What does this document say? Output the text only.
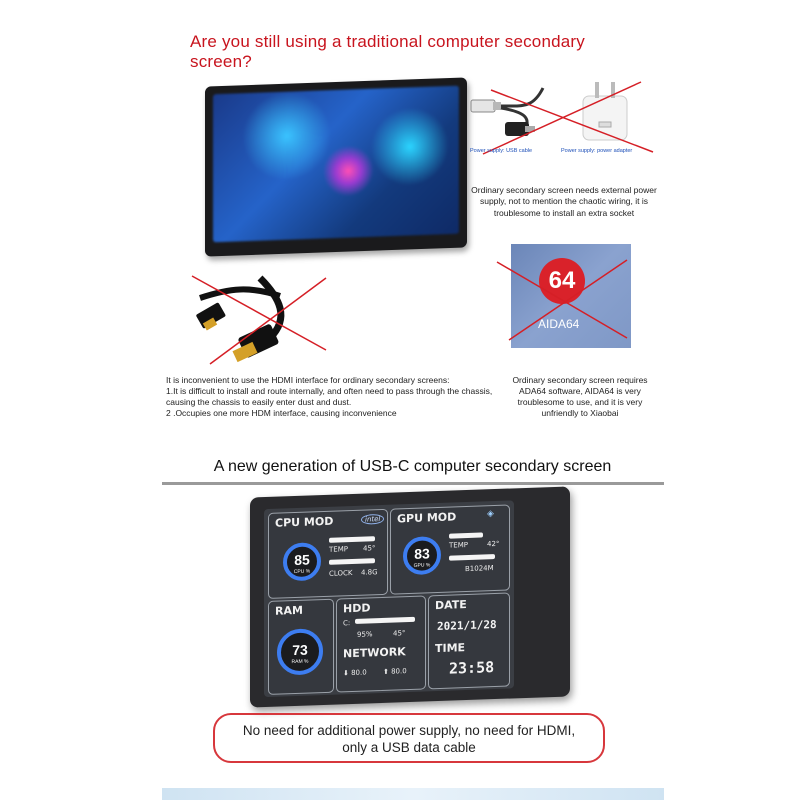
Are you still using a traditional computer secondary screen?
Power supply: USB cable	Power supply: power adapter
Ordinary secondary screen needs external power supply, not to mention the chaotic wiring, it is troublesome to install an extra socket
64
AIDA64
It is inconvenient to use the HDMI interface for ordinary secondary screens:
1.It is difficult to install and route internally, and often need to pass through the chassis, causing the chassis to easily enter dust and dust.
2 .Occupies one more HDM interface, causing inconvenience
Ordinary secondary screen requires ADA64 software, AIDA64 is very troublesome to use, and it is very unfriendly to Xiaobai
A new generation of USB-C computer secondary screen
CPU MOD	intel
85
CPU %
TEMP 45°
CLOCK 4.8G
GPU MOD	◈
83
GPU %
TEMP	42°
B1024M
RAM
73
RAM %
HDD
C:
95%	45°
NETWORK
⬇ 80.0 ⬆ 80.0
DATE
2021/1/28
TIME
23:58
No need for additional power supply, no need for HDMI,
only a USB data cable
